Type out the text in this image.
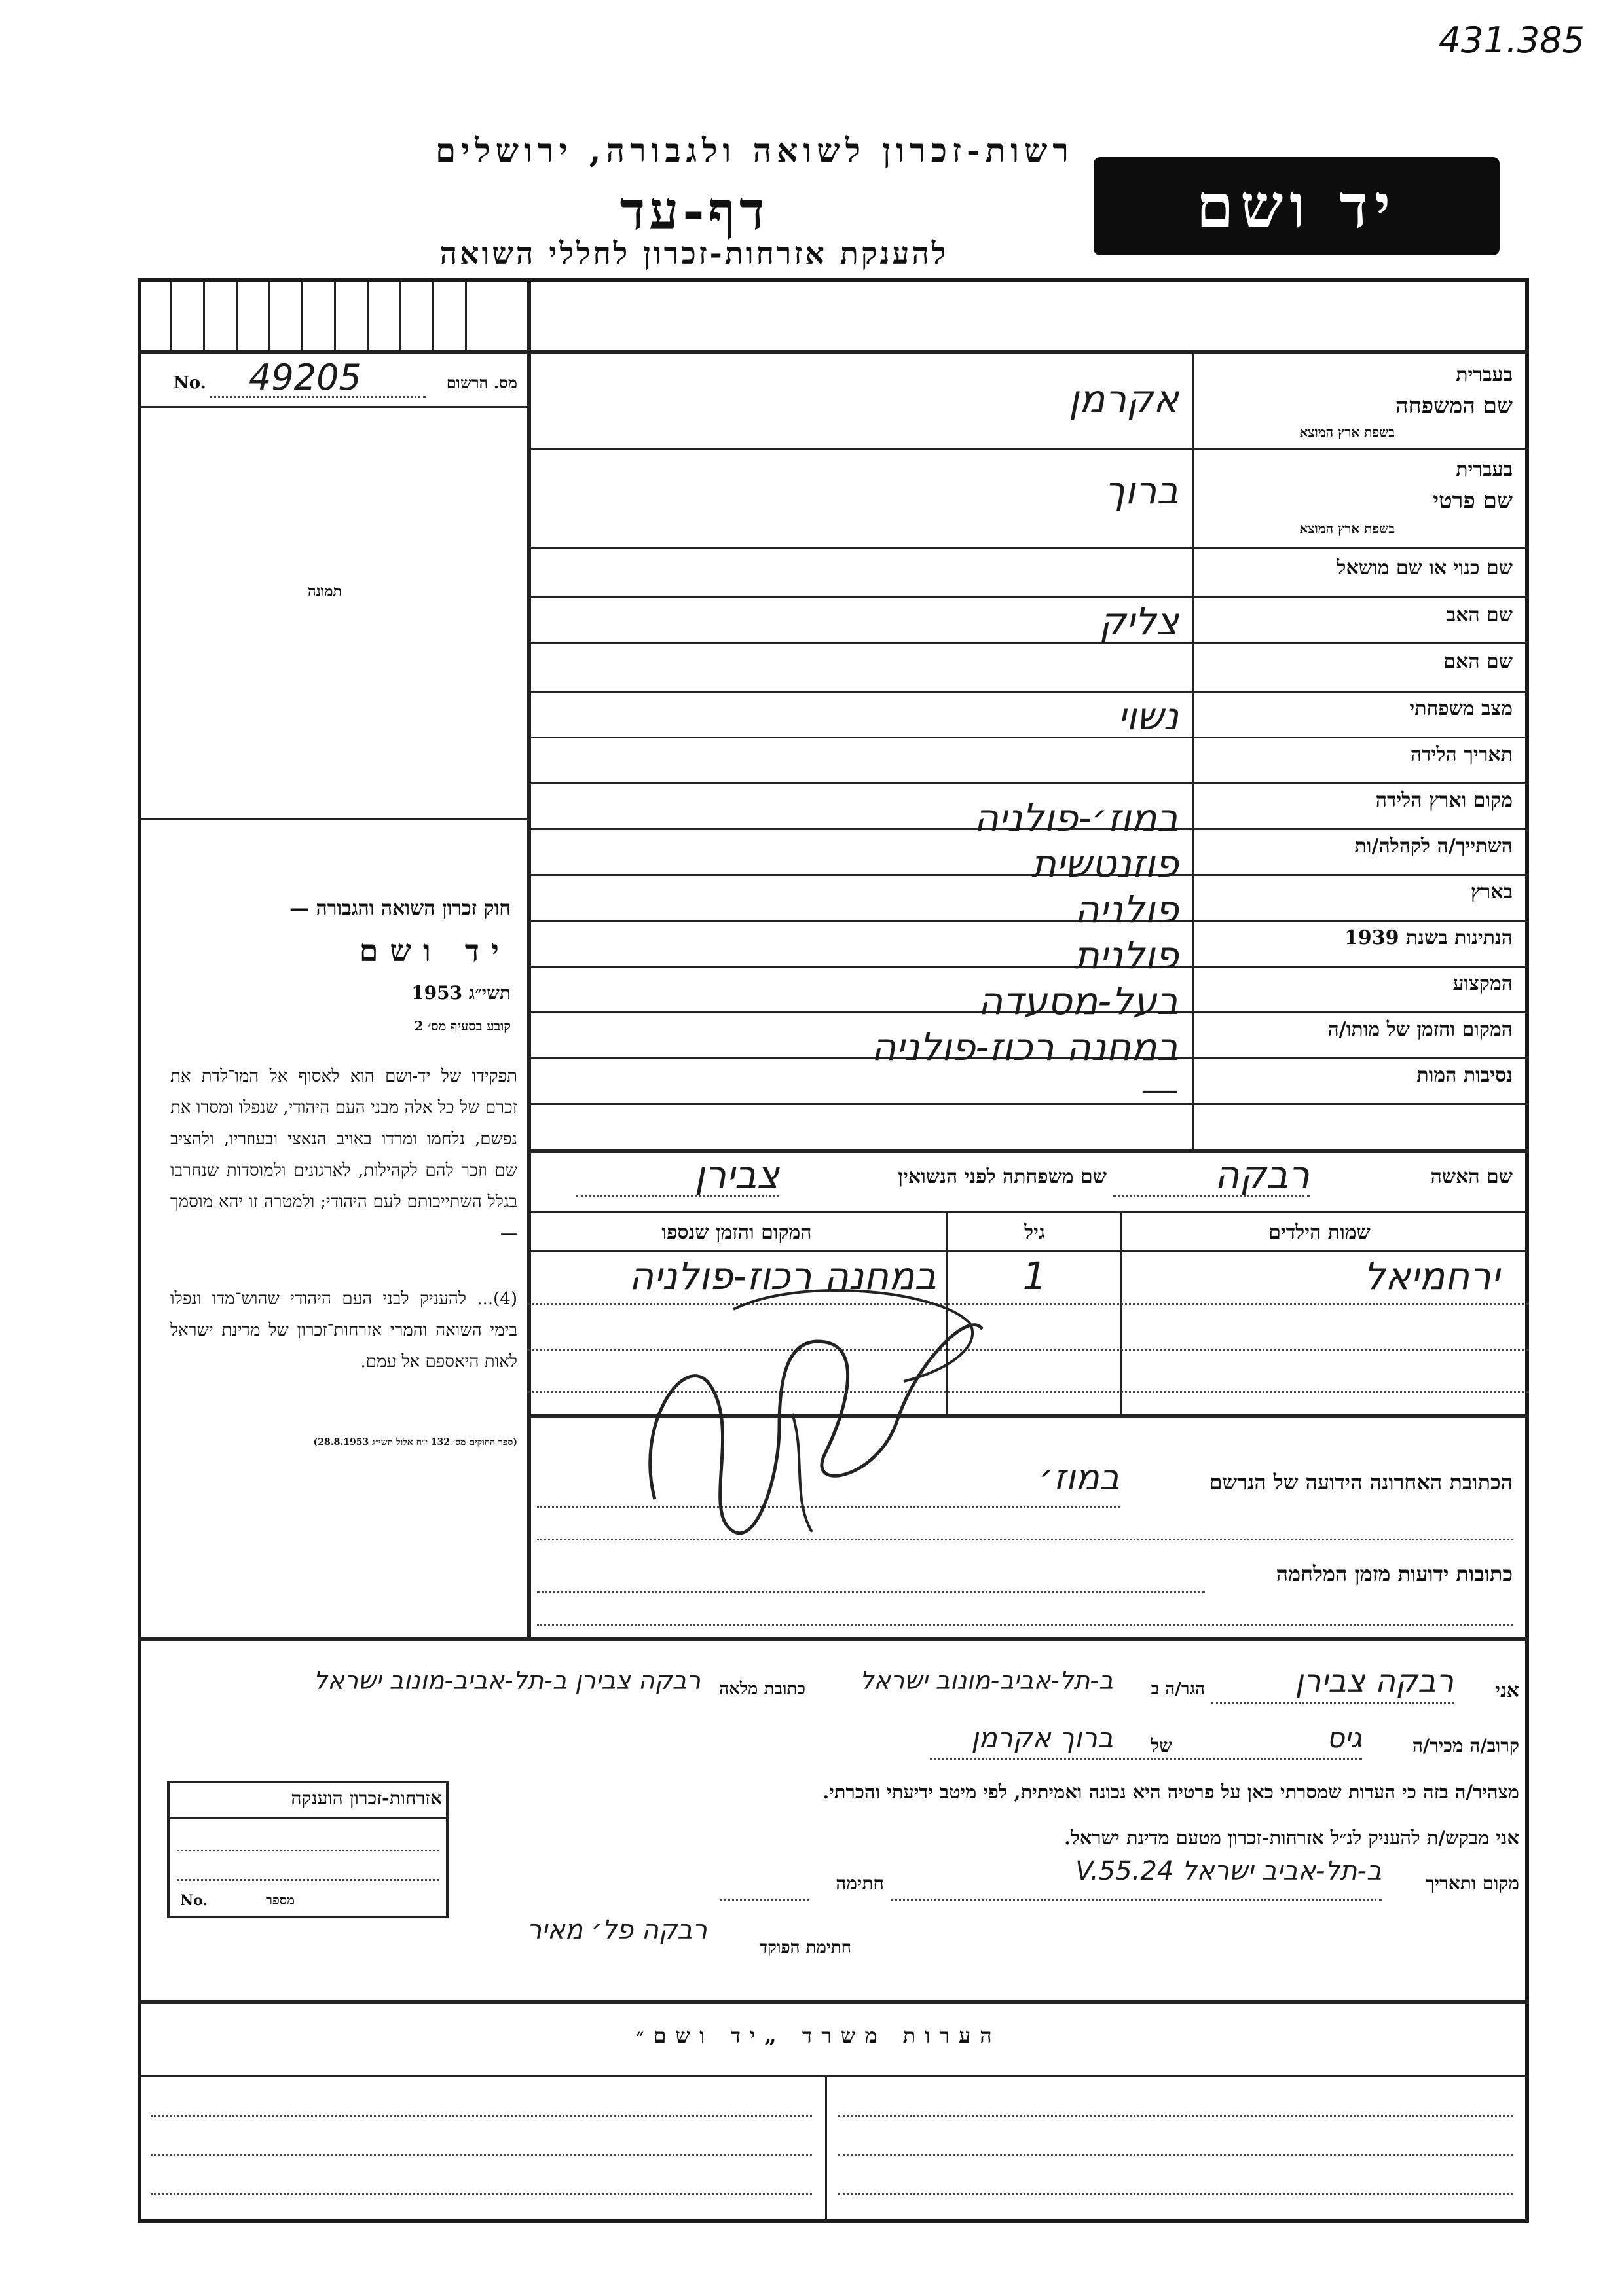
431.385
רשות-זכרון לשואה ולגבורה, ירושלים
דף-עד
להענקת אזרחות-זכרון לחללי השואה
יד ושם
No. 49205	מס. הרשום
תמונה
חוק זכרון השואה והגבורה —
יד ושם
תשי״ג 1953
קובע בסעיף מס׳ 2
תפקידו של יד-ושם הוא לאסוף אל המו־לדת את זכרם של כל אלה מבני העם היהודי, שנפלו ומסרו את נפשם, נלחמו ומרדו באויב הנאצי ובעוזריו, ולהציב שם וזכר להם לקהילות, לארגונים ולמוסדות שנחרבו בגלל השתייכותם לעם היהודי; ולמטרה זו יהא מוסמך—
(4)... להעניק לבני העם היהודי שהוש־מדו ונפלו בימי השואה והמרי אזרחות־זכרון של מדינת ישראל לאות היאספם אל עמם.
(ספר החוקים מס׳ 132 י״ח אלול תשי״ג 28.8.1953)
בעברית
שם המשפחה
בשפת ארץ המוצא
אקרמן
בעברית
שם פרטי
בשפת ארץ המוצא
ברוך
שם כנוי או שם מושאל
שם האב
צליק
שם האם
מצב משפחתי
נשוי
תאריך הלידה
מקום וארץ הלידה
במוז׳-פולניה
השתייך/ה לקהלה/ות
פוזנטשית
בארץ
פולניה
הנתינות בשנת 1939
פולנית
המקצוע
בעל-מסעדה
המקום והזמן של מותו/ה
במחנה רכוז-פולניה
נסיבות המות
—
שם האשה
רבקה
שם משפחתה לפני הנשואין
צבירן
שמות הילדים
גיל
המקום והזמן שנספו
ירחמיאל
1
במחנה רכוז-פולניה
הכתובת האחרונה הידועה של הנרשם
במוז׳
כתובות ידועות מזמן המלחמה
אני
רבקה צבירן
הגר/ה ב
ב-תל-אביב-מונוב ישראל
כתובת מלאה
רבקה צבירן ב-תל-אביב-מונוב ישראל
קרוב/ה מכיר/ה
גיס
של
ברוך אקרמן
מצהיר/ה בזה כי העדות שמסרתי כאן על פרטיה היא נכונה ואמיתית, לפי מיטב ידיעתי והכרתי.
אני מבקש/ת להעניק לנ״ל אזרחות-זכרון מטעם מדינת ישראל.
מקום ותאריך
ב-תל-אביב ישראל 24.V.55
חתימה
חתימת הפוקד
רבקה פל׳ מאיר
אזרחות-זכרון הוענקה
No.	מספר
הערות משרד „יד ושם״
